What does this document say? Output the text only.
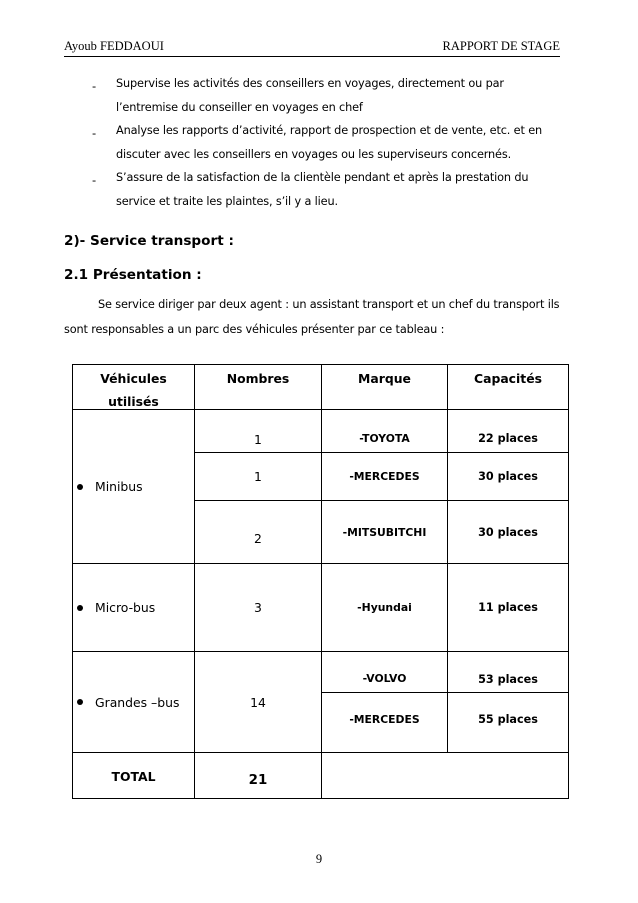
Ayoub FEDDAOUI	RAPPORT DE STAGE
- Supervise les activités des conseillers en voyages, directement ou par l’entremise du conseiller en voyages en chef
- Analyse les rapports d’activité, rapport de prospection et de vente, etc. et en discuter avec les conseillers en voyages ou les superviseurs concernés.
- S’assure de la satisfaction de la clientèle pendant et après la prestation du service et traite les plaintes, s’il y a lieu.
2)- Service transport :
2.1 Présentation :
Se service diriger par deux agent : un assistant transport et un chef du transport ils sont responsables a un parc des véhicules présenter par ce tableau :
Véhicules
utilisés	Nombres	Marque	Capacités
Minibus	1	-TOYOTA	22 places
	1	-MERCEDES	30 places
	2	-MITSUBITCHI	30 places
Micro-bus	3	-Hyundai	11 places
Grandes –bus	14	-VOLVO	53 places
		-MERCEDES	55 places
TOTAL	21		
9
